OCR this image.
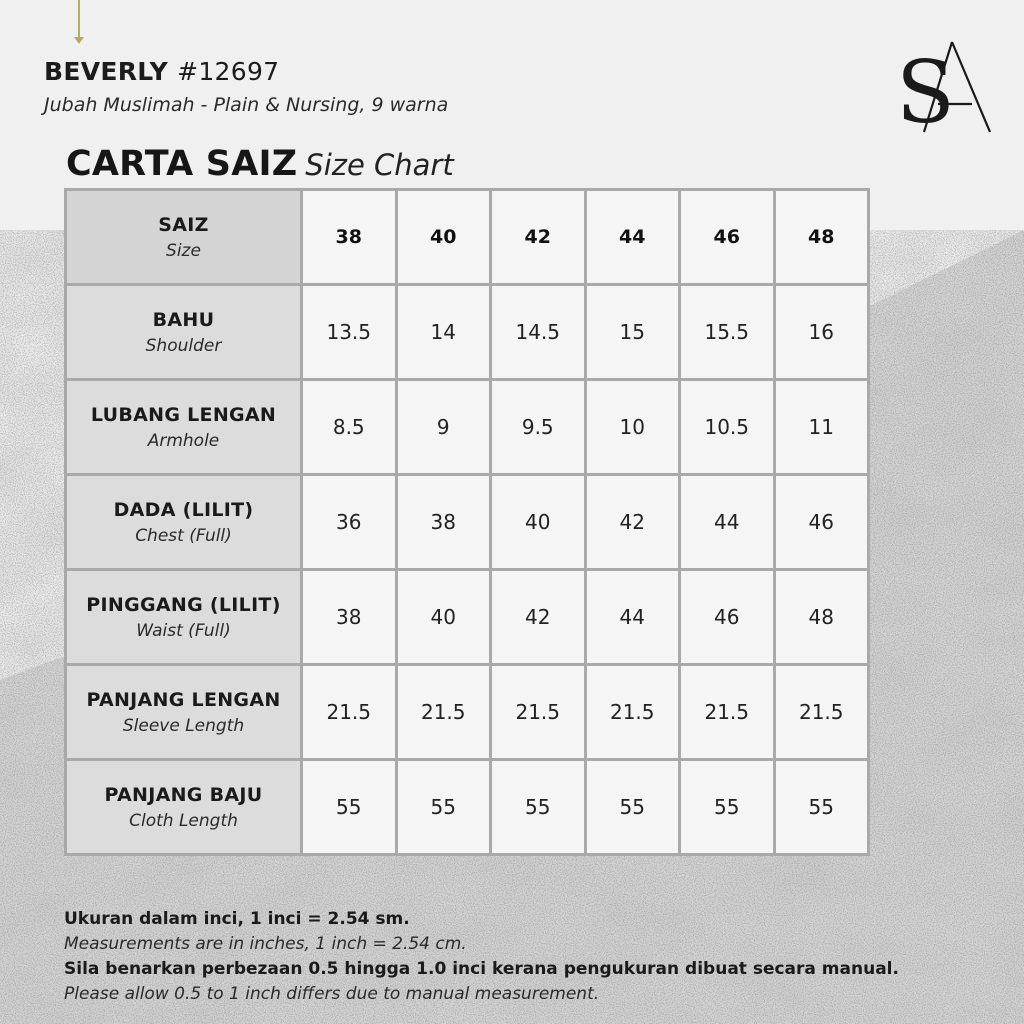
BEVERLY #12697
Jubah Muslimah - Plain & Nursing, 9 warna	S
CARTA SAIZ Size Chart
SAIZ
Size	38	40	42	44	46	48

BAHU
Shoulder	13.5	14	14.5	15	15.5	16

LUBANG LENGAN
Armhole	8.5	9	9.5	10	10.5	11

DADA (LILIT)
Chest (Full)	36	38	40	42	44	46

PINGGANG (LILIT)
Waist (Full)	38	40	42	44	46	48

PANJANG LENGAN
Sleeve Length	21.5	21.5	21.5	21.5	21.5	21.5

PANJANG BAJU
Cloth Length	55	55	55	55	55	55
Ukuran dalam inci, 1 inci = 2.54 sm.
Measurements are in inches, 1 inch = 2.54 cm.
Sila benarkan perbezaan 0.5 hingga 1.0 inci kerana pengukuran dibuat secara manual.
Please allow 0.5 to 1 inch differs due to manual measurement.
